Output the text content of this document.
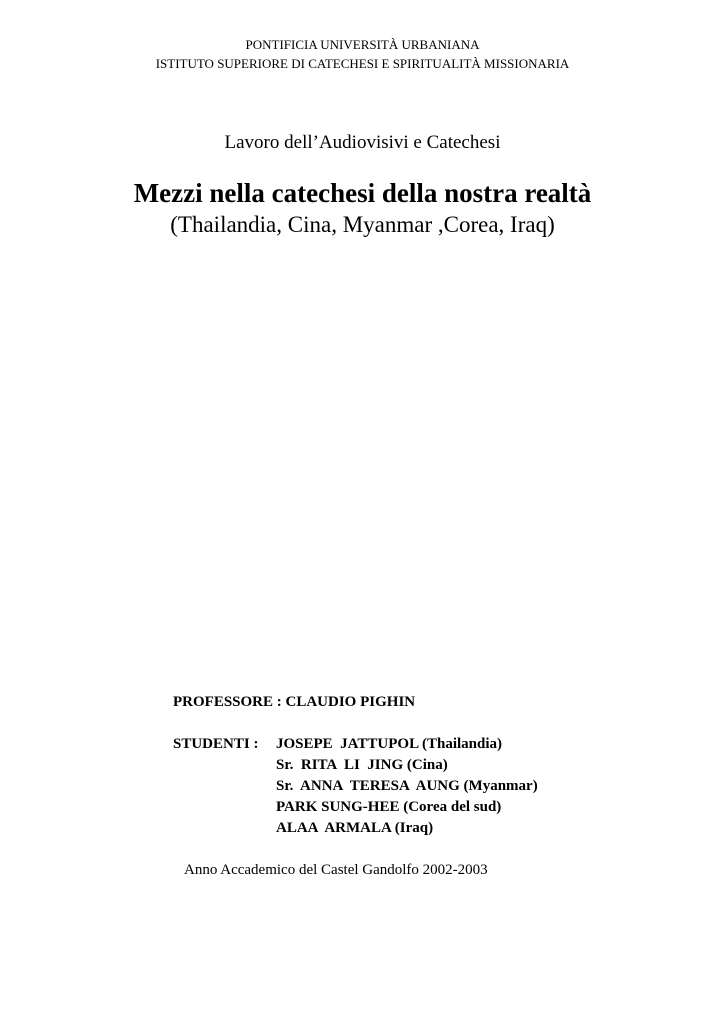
PONTIFICIA UNIVERSITÀ URBANIANA
ISTITUTO SUPERIORE DI CATECHESI E SPIRITUALITÀ MISSIONARIA
Lavoro dell’Audiovisivi e Catechesi
Mezzi nella catechesi della nostra realtà
(Thailandia, Cina, Myanmar ,Corea, Iraq)
PROFESSORE : CLAUDIO PIGHIN
STUDENTI : JOSEPE  JATTUPOL (Thailandia)
Sr.  RITA  LI  JING (Cina)
Sr.  ANNA  TERESA  AUNG (Myanmar)
PARK SUNG-HEE (Corea del sud)
ALAA  ARMALA (Iraq)
Anno Accademico del Castel Gandolfo 2002-2003
